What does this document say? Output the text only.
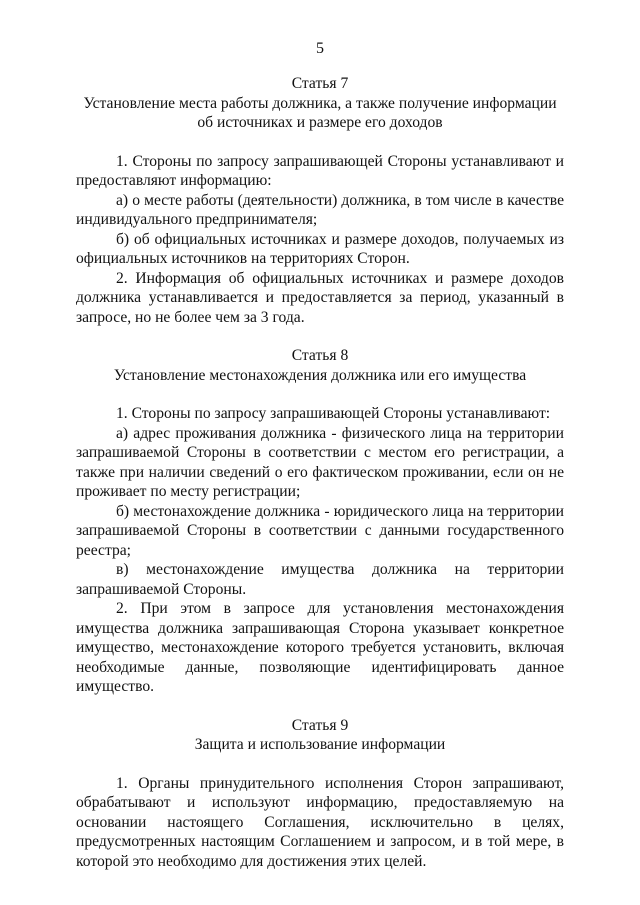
5

Статья 7

Установление места работы должника, а также получение информации об источниках и размере его доходов

1. Стороны по запросу запрашивающей Стороны устанавливают и предоставляют информацию:

а) о месте работы (деятельности) должника, в том числе в качестве индивидуального предпринимателя;

б) об официальных источниках и размере доходов, получаемых из официальных источников на территориях Сторон.

2. Информация об официальных источниках и размере доходов должника устанавливается и предоставляется за период, указанный в запросе, но не более чем за 3 года.

Статья 8

Установление местонахождения должника или его имущества

1. Стороны по запросу запрашивающей Стороны устанавливают:

а) адрес проживания должника - физического лица на территории запрашиваемой Стороны в соответствии с местом его регистрации, а также при наличии сведений о его фактическом проживании, если он не проживает по месту регистрации;

б) местонахождение должника - юридического лица на территории запрашиваемой Стороны в соответствии с данными государственного реестра;

в) местонахождение имущества должника на территории запрашиваемой Стороны.

2. При этом в запросе для установления местонахождения имущества должника запрашивающая Сторона указывает конкретное имущество, местонахождение которого требуется установить, включая необходимые данные, позволяющие идентифицировать данное имущество.

Статья 9

Защита и использование информации

1. Органы принудительного исполнения Сторон запрашивают, обрабатывают и используют информацию, предоставляемую на основании настоящего Соглашения, исключительно в целях, предусмотренных настоящим Соглашением и запросом, и в той мере, в которой это необходимо для достижения этих целей.
